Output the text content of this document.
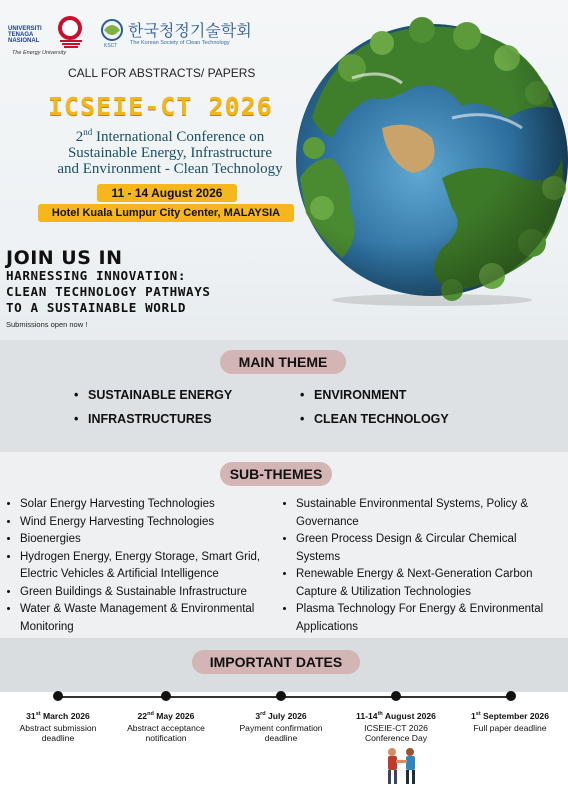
UNIVERSITI TENAGA NASIONAL
The Energy University
한국청정기술학회
KSCT The Korean Society of Clean Technology
CALL FOR ABSTRACTS/ PAPERS
ICSEIE-CT 2026
2nd International Conference on
Sustainable Energy, Infrastructure
and Environment - Clean Technology
11 - 14 August 2026
Hotel Kuala Lumpur City Center, MALAYSIA
JOIN US IN
HARNESSING INNOVATION:
CLEAN TECHNOLOGY PATHWAYS
TO A SUSTAINABLE WORLD
Submissions open now !
MAIN THEME
• SUSTAINABLE ENERGY	• ENVIRONMENT
• INFRASTRUCTURES	• CLEAN TECHNOLOGY
SUB-THEMES
• Solar Energy Harvesting Technologies
• Wind Energy Harvesting Technologies
• Bioenergies
• Hydrogen Energy, Energy Storage, Smart Grid, Electric Vehicles & Artificial Intelligence
• Green Buildings & Sustainable Infrastructure
• Water & Waste Management & Environmental Monitoring
• Sustainable Environmental Systems, Policy & Governance
• Green Process Design & Circular Chemical Systems
• Renewable Energy & Next-Generation Carbon Capture & Utilization Technologies
• Plasma Technology For Energy & Environmental Applications
IMPORTANT DATES
31st March 2026
Abstract submission deadline
22nd May 2026
Abstract acceptance notification
3rd July 2026
Payment confirmation deadline
11-14th August 2026
ICSEIE-CT 2026 Conference Day
1st September 2026
Full paper deadline
